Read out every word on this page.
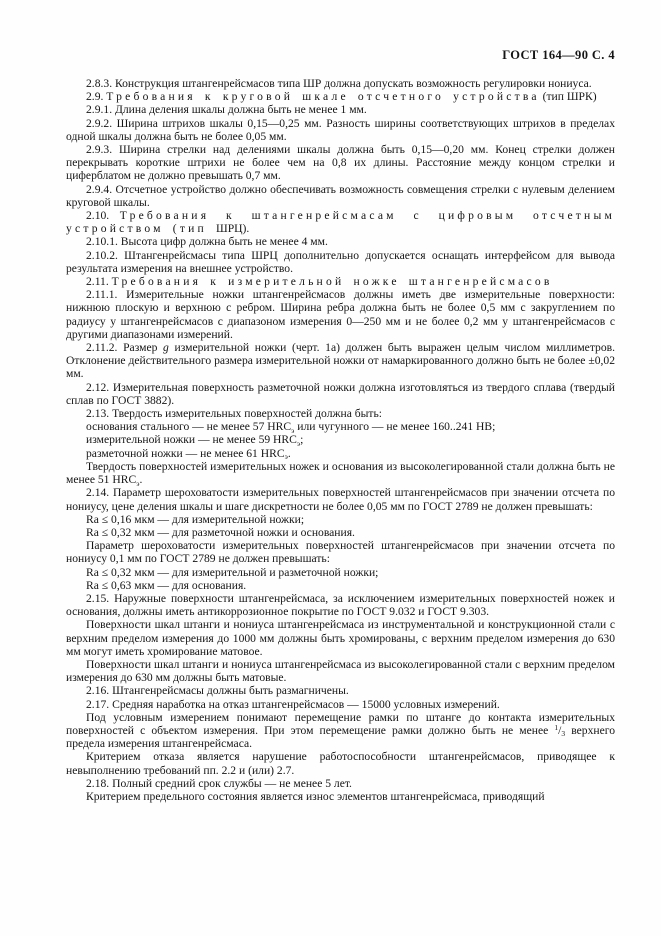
ГОСТ 164—90 С. 4

2.8.3. Конструкция штангенрейсмасов типа ШР должна допускать возможность регулировки нониуса.

2.9. Требования к круговой шкале отсчетного устройства (тип ШРК)

2.9.1. Длина деления шкалы должна быть не менее 1 мм.

2.9.2. Ширина штрихов шкалы 0,15—0,25 мм. Разность ширины соответствующих штрихов в пределах одной шкалы должна быть не более 0,05 мм.

2.9.3. Ширина стрелки над делениями шкалы должна быть 0,15—0,20 мм. Конец стрелки должен перекрывать короткие штрихи не более чем на 0,8 их длины. Расстояние между концом стрелки и циферблатом не должно превышать 0,7 мм.

2.9.4. Отсчетное устройство должно обеспечивать возможность совмещения стрелки с нулевым делением круговой шкалы.

2.10. Требования к штангенрейсмасам с цифровым отсчетным устройством (тип ШРЦ).

2.10.1. Высота цифр должна быть не менее 4 мм.

2.10.2. Штангенрейсмасы типа ШРЦ дополнительно допускается оснащать интерфейсом для вывода результата измерения на внешнее устройство.

2.11. Требования к измерительной ножке штангенрейсмасов

2.11.1. Измерительные ножки штангенрейсмасов должны иметь две измерительные поверхности: нижнюю плоскую и верхнюю с ребром. Ширина ребра должна быть не более 0,5 мм с закруглением по радиусу у штангенрейсмасов с диапазоном измерения 0—250 мм и не более 0,2 мм у штангенрейсмасов с другими диапазонами измерений.

2.11.2. Размер g измерительной ножки (черт. 1а) должен быть выражен целым числом миллиметров. Отклонение действительного размера измерительной ножки от намаркированного должно быть не более ±0,02 мм.

2.12. Измерительная поверхность разметочной ножки должна изготовляться из твердого сплава (твердый сплав по ГОСТ 3882).

2.13. Твердость измерительных поверхностей должна быть:

основания стального — не менее 57 $HRC_э$ или чугунного — не менее 160..241 НВ;

измерительной ножки — не менее 59 $HRC_э$;

разметочной ножки — не менее 61 $HRC_э$.

Твердость поверхностей измерительных ножек и основания из высоколегированной стали должна быть не менее 51 $HRC_э$.

2.14. Параметр шероховатости измерительных поверхностей штангенрейсмасов при значении отсчета по нониусу, цене деления шкалы и шаге дискретности не более 0,05 мм по ГОСТ 2789 не должен превышать:

Ra ≤ 0,16 мкм — для измерительной ножки;

Ra ≤ 0,32 мкм — для разметочной ножки и основания.

Параметр шероховатости измерительных поверхностей штангенрейсмасов при значении отсчета по нониусу 0,1 мм по ГОСТ 2789 не должен превышать:

Ra ≤ 0,32 мкм — для измерительной и разметочной ножки;

Ra ≤ 0,63 мкм — для основания.

2.15. Наружные поверхности штангенрейсмаса, за исключением измерительных поверхностей ножек и основания, должны иметь антикоррозионное покрытие по ГОСТ 9.032 и ГОСТ 9.303.

Поверхности шкал штанги и нониуса штангенрейсмаса из инструментальной и конструкционной стали с верхним пределом измерения до 1000 мм должны быть хромированы, с верхним пределом измерения до 630 мм могут иметь хромирование матовое.

Поверхности шкал штанги и нониуса штангенрейсмаса из высоколегированной стали с верхним пределом измерения до 630 мм должны быть матовые.

2.16. Штангенрейсмасы должны быть размагничены.

2.17. Средняя наработка на отказ штангенрейсмасов — 15000 условных измерений.

Под условным измерением понимают перемещение рамки по штанге до контакта измерительных поверхностей с объектом измерения. При этом перемещение рамки должно быть не менее $^1/_3$ верхнего предела измерения штангенрейсмаса.

Критерием отказа является нарушение работоспособности штангенрейсмасов, приводящее к невыполнению требований пп. 2.2 и (или) 2.7.

2.18. Полный средний срок службы — не менее 5 лет.

Критерием предельного состояния является износ элементов штангенрейсмаса, приводящий
